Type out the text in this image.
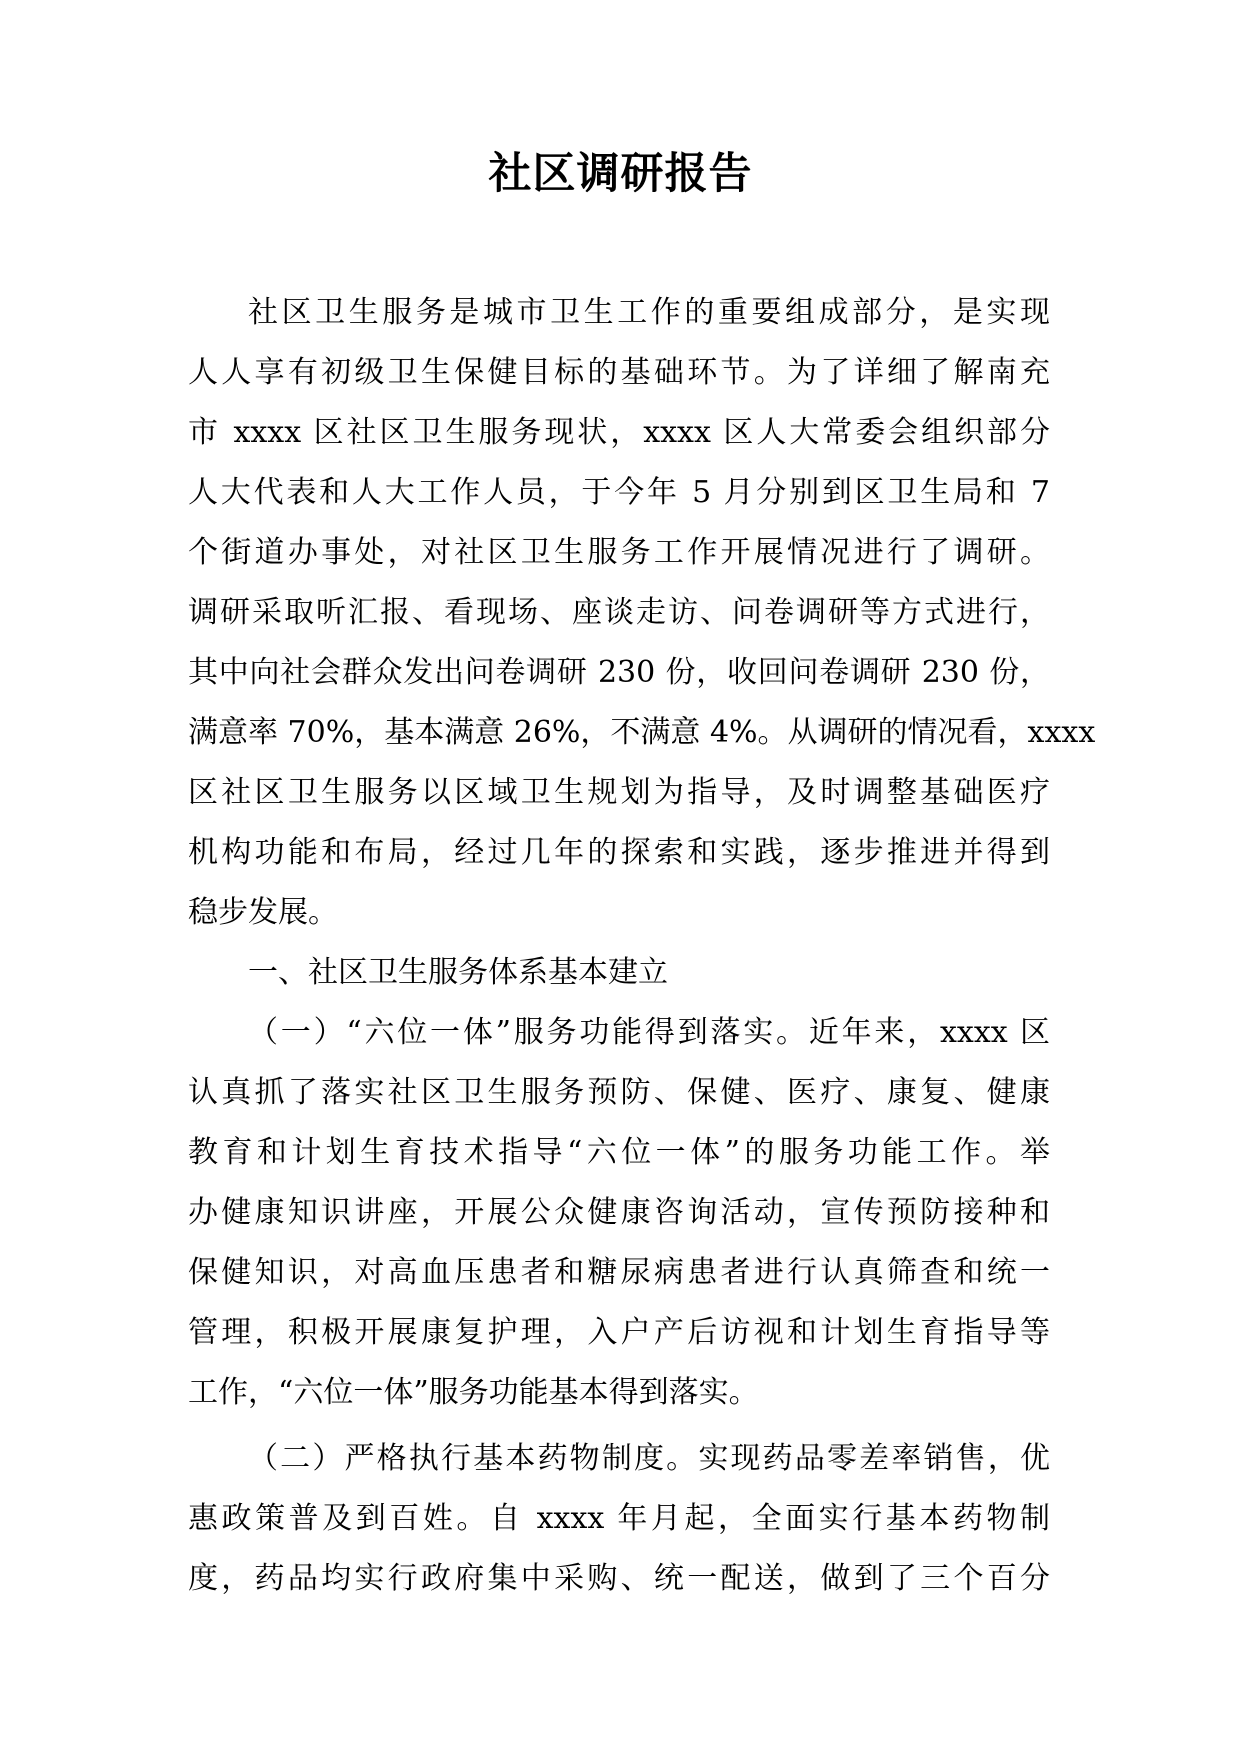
社区调研报告
社区卫生服务是城市卫生工作的重要组成部分，是实现
人人享有初级卫生保健目标的基础环节。为了详细了解南充
市 xxxx 区社区卫生服务现状，xxxx 区人大常委会组织部分
人大代表和人大工作人员，于今年 5 月分别到区卫生局和 7
个街道办事处，对社区卫生服务工作开展情况进行了调研。
调研采取听汇报、看现场、座谈走访、问卷调研等方式进行，
其中向社会群众发出问卷调研 230 份，收回问卷调研 230 份，
满意率 70%，基本满意 26%，不满意 4%。从调研的情况看，xxxx
区社区卫生服务以区域卫生规划为指导，及时调整基础医疗
机构功能和布局，经过几年的探索和实践，逐步推进并得到
稳步发展。
一、社区卫生服务体系基本建立
（一）“六位一体”服务功能得到落实。近年来，xxxx 区
认真抓了落实社区卫生服务预防、保健、医疗、康复、健康
教育和计划生育技术指导“六位一体”的服务功能工作。举
办健康知识讲座，开展公众健康咨询活动，宣传预防接种和
保健知识，对高血压患者和糖尿病患者进行认真筛查和统一
管理，积极开展康复护理，入户产后访视和计划生育指导等
工作，“六位一体”服务功能基本得到落实。
（二）严格执行基本药物制度。实现药品零差率销售，优
惠政策普及到百姓。自 xxxx 年月起，全面实行基本药物制
度，药品均实行政府集中采购、统一配送，做到了三个百分
